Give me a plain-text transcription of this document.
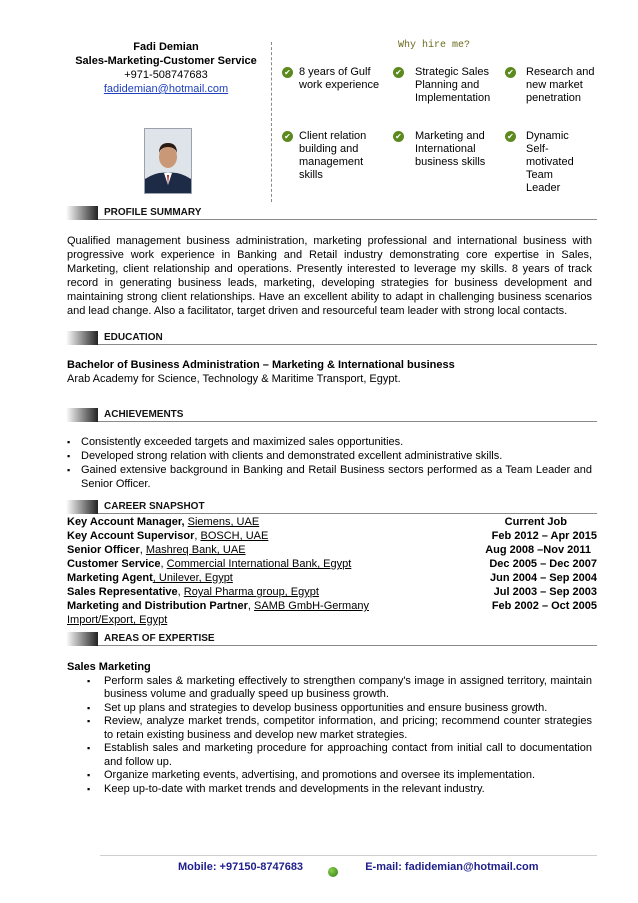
Fadi Demian
Sales-Marketing-Customer Service
+971-508747683
fadidemian@hotmail.com
Why hire me?
✔ 8 years of Gulf work experience
✔ Strategic Sales Planning and Implementation
✔ Research and new market penetration
✔ Client relation building and management skills
✔ Marketing and International business skills
✔ Dynamic Self-motivated Team Leader
PROFILE SUMMARY
Qualified management business administration, marketing professional and international business with progressive work experience in Banking and Retail industry demonstrating core expertise in Sales, Marketing, client relationship and operations. Presently interested to leverage my skills. 8 years of track record in generating business leads, marketing, developing strategies for business development and maintaining strong client relationships. Have an excellent ability to adapt in challenging business scenarios and lead change. Also a facilitator, target driven and resourceful team leader with strong local contacts.
EDUCATION
Bachelor of Business Administration – Marketing & International business
Arab Academy for Science, Technology & Maritime Transport, Egypt.
ACHIEVEMENTS
▪ Consistently exceeded targets and maximized sales opportunities.
▪ Developed strong relation with clients and demonstrated excellent administrative skills.
▪ Gained extensive background in Banking and Retail Business sectors performed as a Team Leader and Senior Officer.
CAREER SNAPSHOT
Key Account Manager, Siemens, UAE	Current Job
Key Account Supervisor, BOSCH, UAE	Feb 2012 – Apr 2015
Senior Officer, Mashreq Bank, UAE	Aug 2008 –Nov 2011
Customer Service, Commercial International Bank, Egypt	Dec 2005 – Dec 2007
Marketing Agent, Unilever, Egypt	Jun 2004 – Sep 2004
Sales Representative, Royal Pharma group, Egypt	Jul 2003 – Sep 2003
Marketing and Distribution Partner, SAMB GmbH-Germany Import/Export, Egypt
Feb 2002 – Oct 2005
AREAS OF EXPERTISE
Sales Marketing
▪ Perform sales & marketing effectively to strengthen company's image in assigned territory, maintain business volume and gradually speed up business growth.
▪ Set up plans and strategies to develop business opportunities and ensure business growth.
▪ Review, analyze market trends, competitor information, and pricing; recommend counter strategies to retain existing business and develop new market strategies.
▪ Establish sales and marketing procedure for approaching contact from initial call to documentation and follow up.
▪ Organize marketing events, advertising, and promotions and oversee its implementation.
▪ Keep up-to-date with market trends and developments in the relevant industry.
Mobile: +97150-8747683	E-mail: fadidemian@hotmail.com
